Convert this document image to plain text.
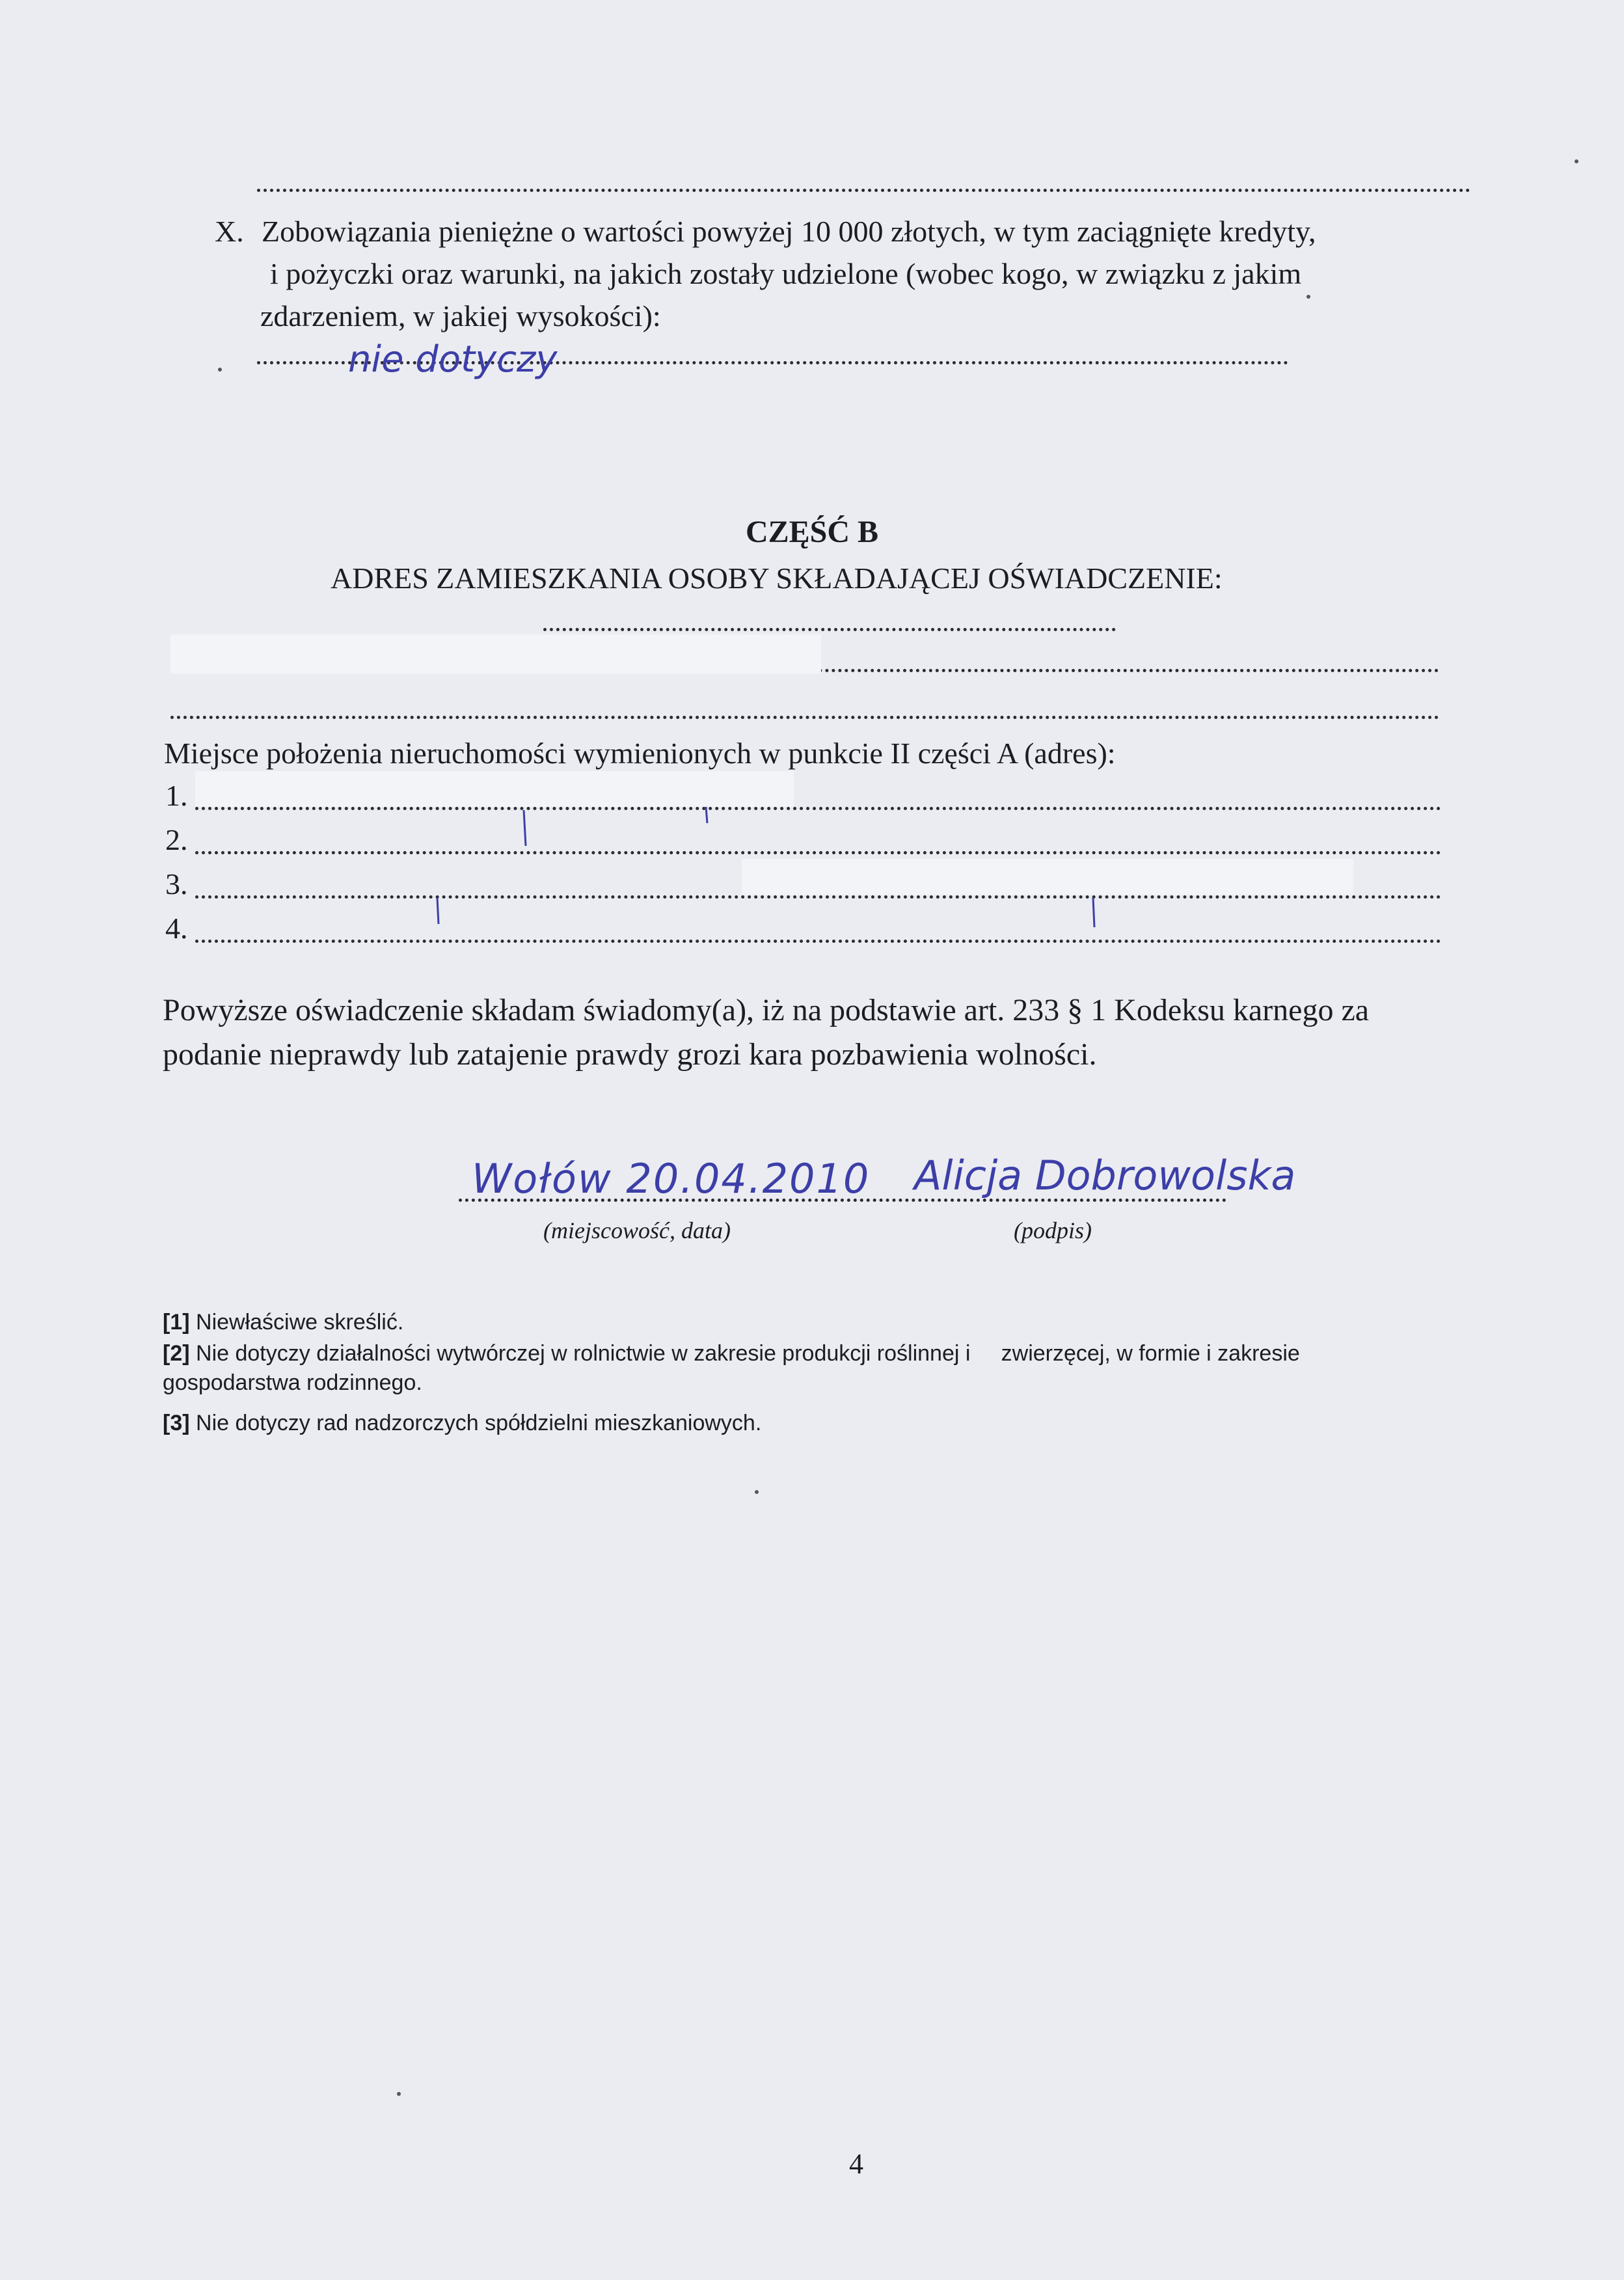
X. Zobowiązania pieniężne o wartości powyżej 10 000 złotych, w tym zaciągnięte kredyty,
i pożyczki oraz warunki, na jakich zostały udzielone (wobec kogo, w związku z jakim
zdarzeniem, w jakiej wysokości):
nie dotyczy
CZĘŚĆ B
ADRES ZAMIESZKANIA OSOBY SKŁADAJĄCEJ OŚWIADCZENIE:
Miejsce położenia nieruchomości wymienionych w punkcie II części A (adres):
1.
2.
3.
4.
Powyższe oświadczenie składam świadomy(a), iż na podstawie art. 233 § 1 Kodeksu karnego za
podanie nieprawdy lub zatajenie prawdy grozi kara pozbawienia wolności.
Wołów 20.04.2010 Alicja Dobrowolska
(miejscowość, data)	(podpis)
[1] Niewłaściwe skreślić.
[2] Nie dotyczy działalności wytwórczej w rolnictwie w zakresie produkcji roślinnej i     zwierzęcej, w formie i zakresie
gospodarstwa rodzinnego.
[3] Nie dotyczy rad nadzorczych spółdzielni mieszkaniowych.
4
